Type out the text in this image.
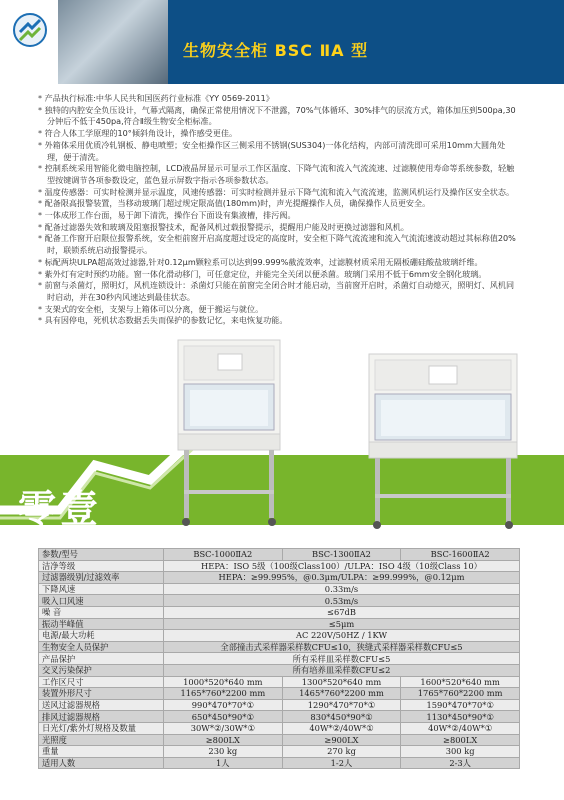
生物安全柜 BSC ⅡA 型

* 产品执行标准:中华人民共和国医药行业标准《YY 0569-2011》

* 独特的内腔安全负压设计，气幕式隔离，确保正常使用情况下不泄露，70%气体循环、30%排气的层流方式，箱体加压到500pa,30分钟后不低于450pa,符合Ⅱ级生物安全柜标准。

* 符合人体工学原理的10°倾斜角设计，操作感受更佳。

* 外箱体采用优质冷轧钢板、静电喷塑；安全柜操作区三侧采用不锈钢(SUS304)一体化结构，内部可清洗即可采用10mm大圆角处理，便于清洗。

* 控制系统采用智能化微电脑控制，LCD液晶屏显示可显示工作区温度、下降气流和流入气流流速、过滤膜使用寿命等系统参数，轻触型按键调节各项参数设定，蓝色显示屏数字指示各项参数状态。

* 温度传感器：可实时检测并显示温度，风速传感器：可实时检测并显示下降气流和流入气流流速，监测风机运行及操作区安全状态。

* 配备限高报警装置，当移动玻璃门超过规定限高值(180mm)时，声光提醒操作人员，确保操作人员更安全。

* 一体成形工作台面，易于卸下清洗，操作台下面设有集液槽，排污阀。

* 配备过滤器失效和玻璃及阻塞报警技术，配备风机过载报警提示，提醒用户能及时更换过滤器和风机。

* 配备工作窗开启限位报警系统，安全柜前窗开启高度超过设定的高度时，安全柜下降气流流速和流入气流流速波动超过其标称值20%时，联锁系统启动报警提示。

* 标配两块ULPA超高效过滤器,针对0.12μm颗粒系可以达到99.999%截流效率，过滤膜材质采用无隔板硼硅酸盐玻璃纤维。

* 紫外灯有定时预约功能。窗一体化滑动移门，可任意定位，并能完全关闭以便杀菌。玻璃门采用不低于6mm安全钢化玻璃。

* 前窗与杀菌灯，照明灯，风机连锁设计：杀菌灯只能在前窗完全闭合时才能启动，当前窗开启时，杀菌灯自动熄灭，照明灯、风机同时启动，并在30秒内风速达到最佳状态。

* 支架式的安全柜，支架与上箱体可以分离，便于搬运与就位。

* 具有因停电，死机状态数据丢失而保护的参数记忆，来电恢复功能。

零壹
参数/型号	BSC-1000ⅡA2	BSC-1300ⅡA2	BSC-1600ⅡA2
洁净等级	HEPA：ISO 5级（100级Class100）/ULPA：ISO 4级（10级Class 10）		
过滤器级别/过滤效率	HEPA：≥99.995%，@0.3μm/ULPA：≥99.999%，@0.12μm		
下降风速	0.33m/s		
吸入口风速	0.53m/s		
噪 音	≤67dB		
振动半峰值	≤5μm		
电源/最大功耗	AC 220V/50HZ / 1KW		
生物安全人员保护	全部撞击式采样器采样数CFU≤10，狭缝式采样器采样数CFU≤5		
产品保护	所有采样皿采样数CFU≤5		
交叉污染保护	所有培养皿采样数CFU≤2		
工作区尺寸	1000*520*640 mm	1300*520*640 mm	1600*520*640 mm
装置外形尺寸	1165*760*2200 mm	1465*760*2200 mm	1765*760*2200 mm
送风过滤器规格	990*470*70*①	1290*470*70*①	1590*470*70*①
排风过滤器规格	650*450*90*①	830*450*90*①	1130*450*90*①
日光灯/紫外灯规格及数量	30W*②/30W*①	40W*②/40W*①	40W*②/40W*①
光照度	≥800LX	≥900LX	≥800LX
重量	230 kg	270 kg	300 kg
适用人数	1人	1-2人	2-3人
